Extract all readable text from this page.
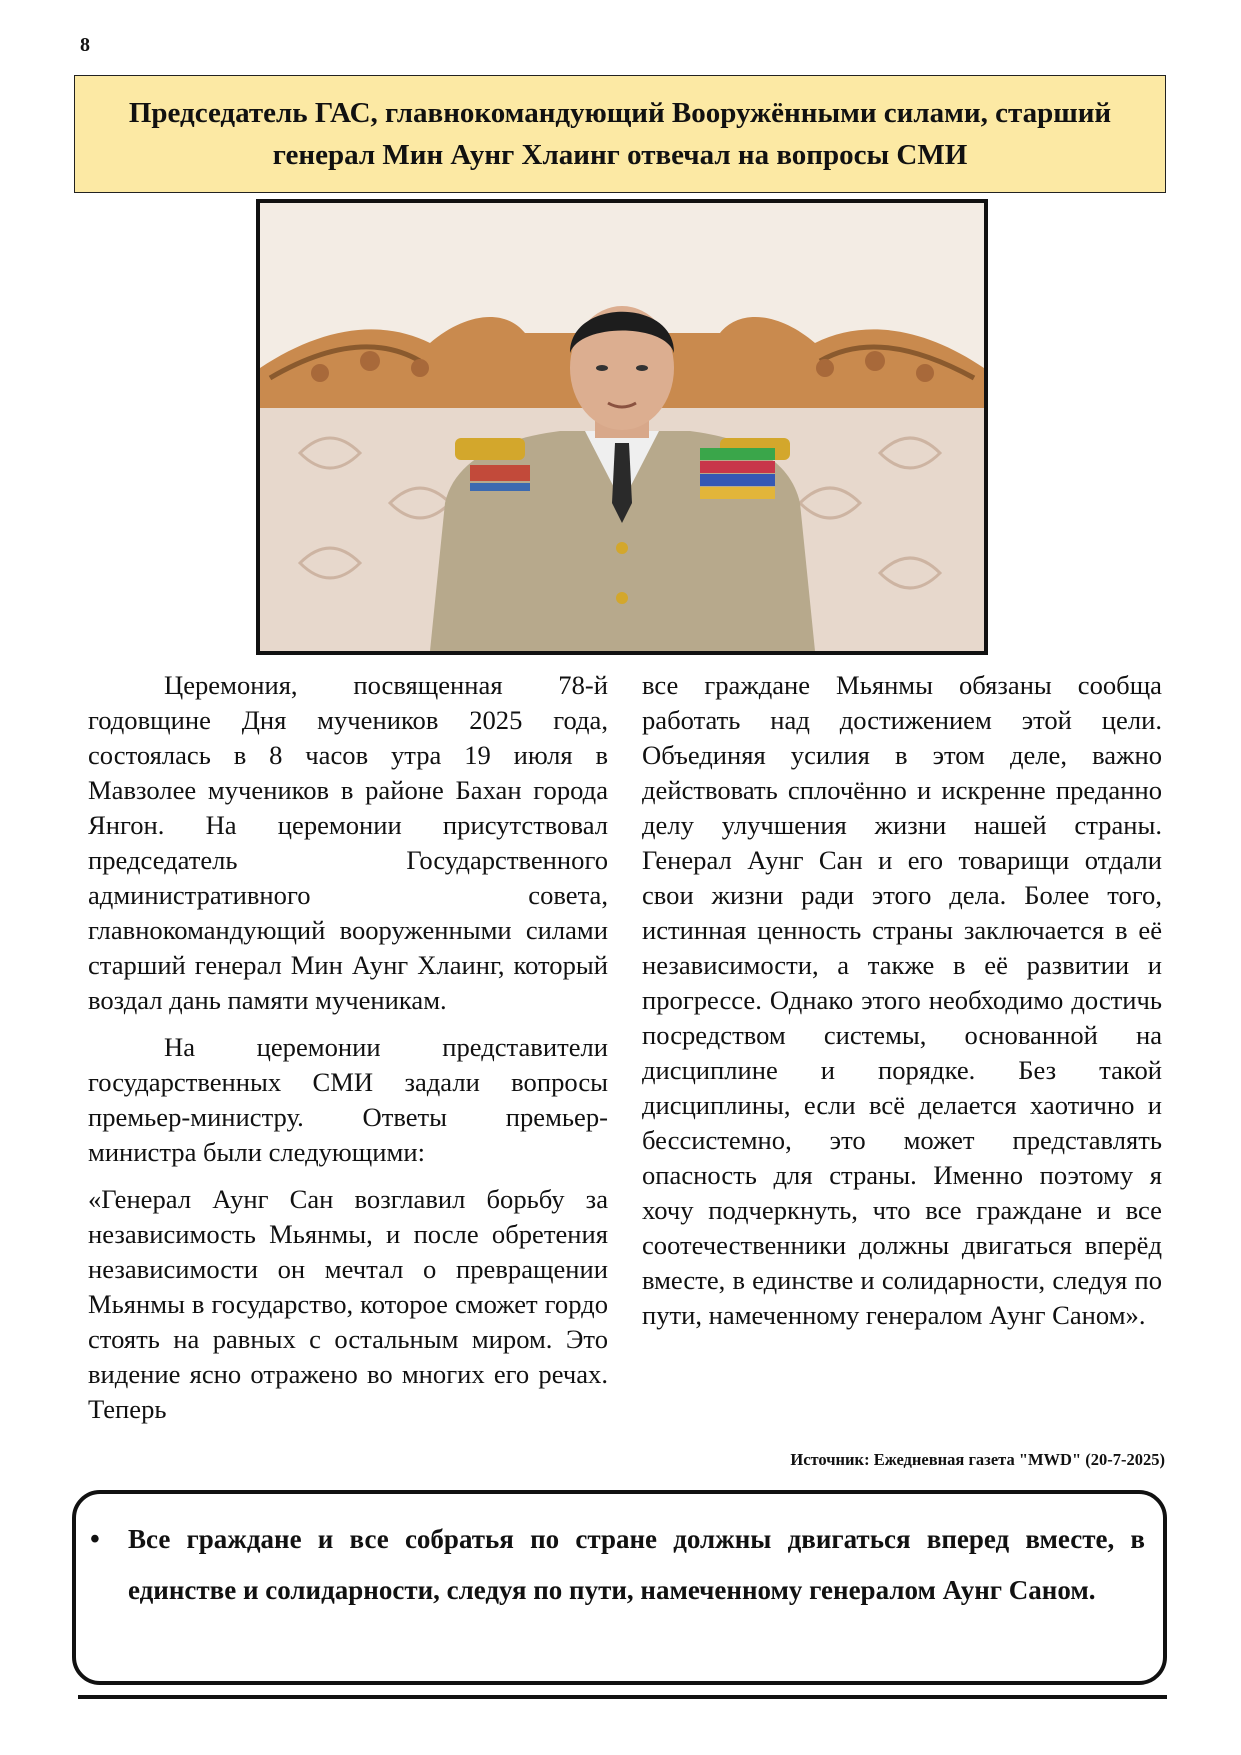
8
Председатель ГАС, главнокомандующий Вооружёнными силами, старший
генерал Мин Аунг Хлаинг отвечал на вопросы СМИ

Церемония, посвященная 78-й годовщине Дня мучеников 2025 года, состоялась в 8 часов утра 19 июля в Мавзолее мучеников в районе Бахан города Янгон. На церемонии присутствовал председатель Государственного административного совета, главнокомандующий вооруженными силами старший генерал Мин Аунг Хлаинг, который воздал дань памяти мученикам.

На церемонии представители государственных СМИ задали вопросы премьер-министру. Ответы премьер-министра были следующими:

«Генерал Аунг Сан возглавил борьбу за независимость Мьянмы, и после обретения независимости он мечтал о превращении Мьянмы в государство, которое сможет гордо стоять на равных с остальным миром. Это видение ясно отражено во многих его речах. Теперь

все граждане Мьянмы обязаны сообща работать над достижением этой цели. Объединяя усилия в этом деле, важно действовать сплочённо и искренне преданно делу улучшения жизни нашей страны. Генерал Аунг Сан и его товарищи отдали свои жизни ради этого дела. Более того, истинная ценность страны заключается в её независимости, а также в её развитии и прогрессе. Однако этого необходимо достичь посредством системы, основанной на дисциплине и порядке. Без такой дисциплины, если всё делается хаотично и бессистемно, это может представлять опасность для страны. Именно поэтому я хочу подчеркнуть, что все граждане и все соотечественники должны двигаться вперёд вместе, в единстве и солидарности, следуя по пути, намеченному генералом Аунг Саном».

Источник: Ежедневная газета "MWD" (20-7-2025)
•	Все граждане и все собратья по стране должны двигаться вперед вместе, в единстве и солидарности, следуя по пути, намеченному генералом Аунг Саном.
